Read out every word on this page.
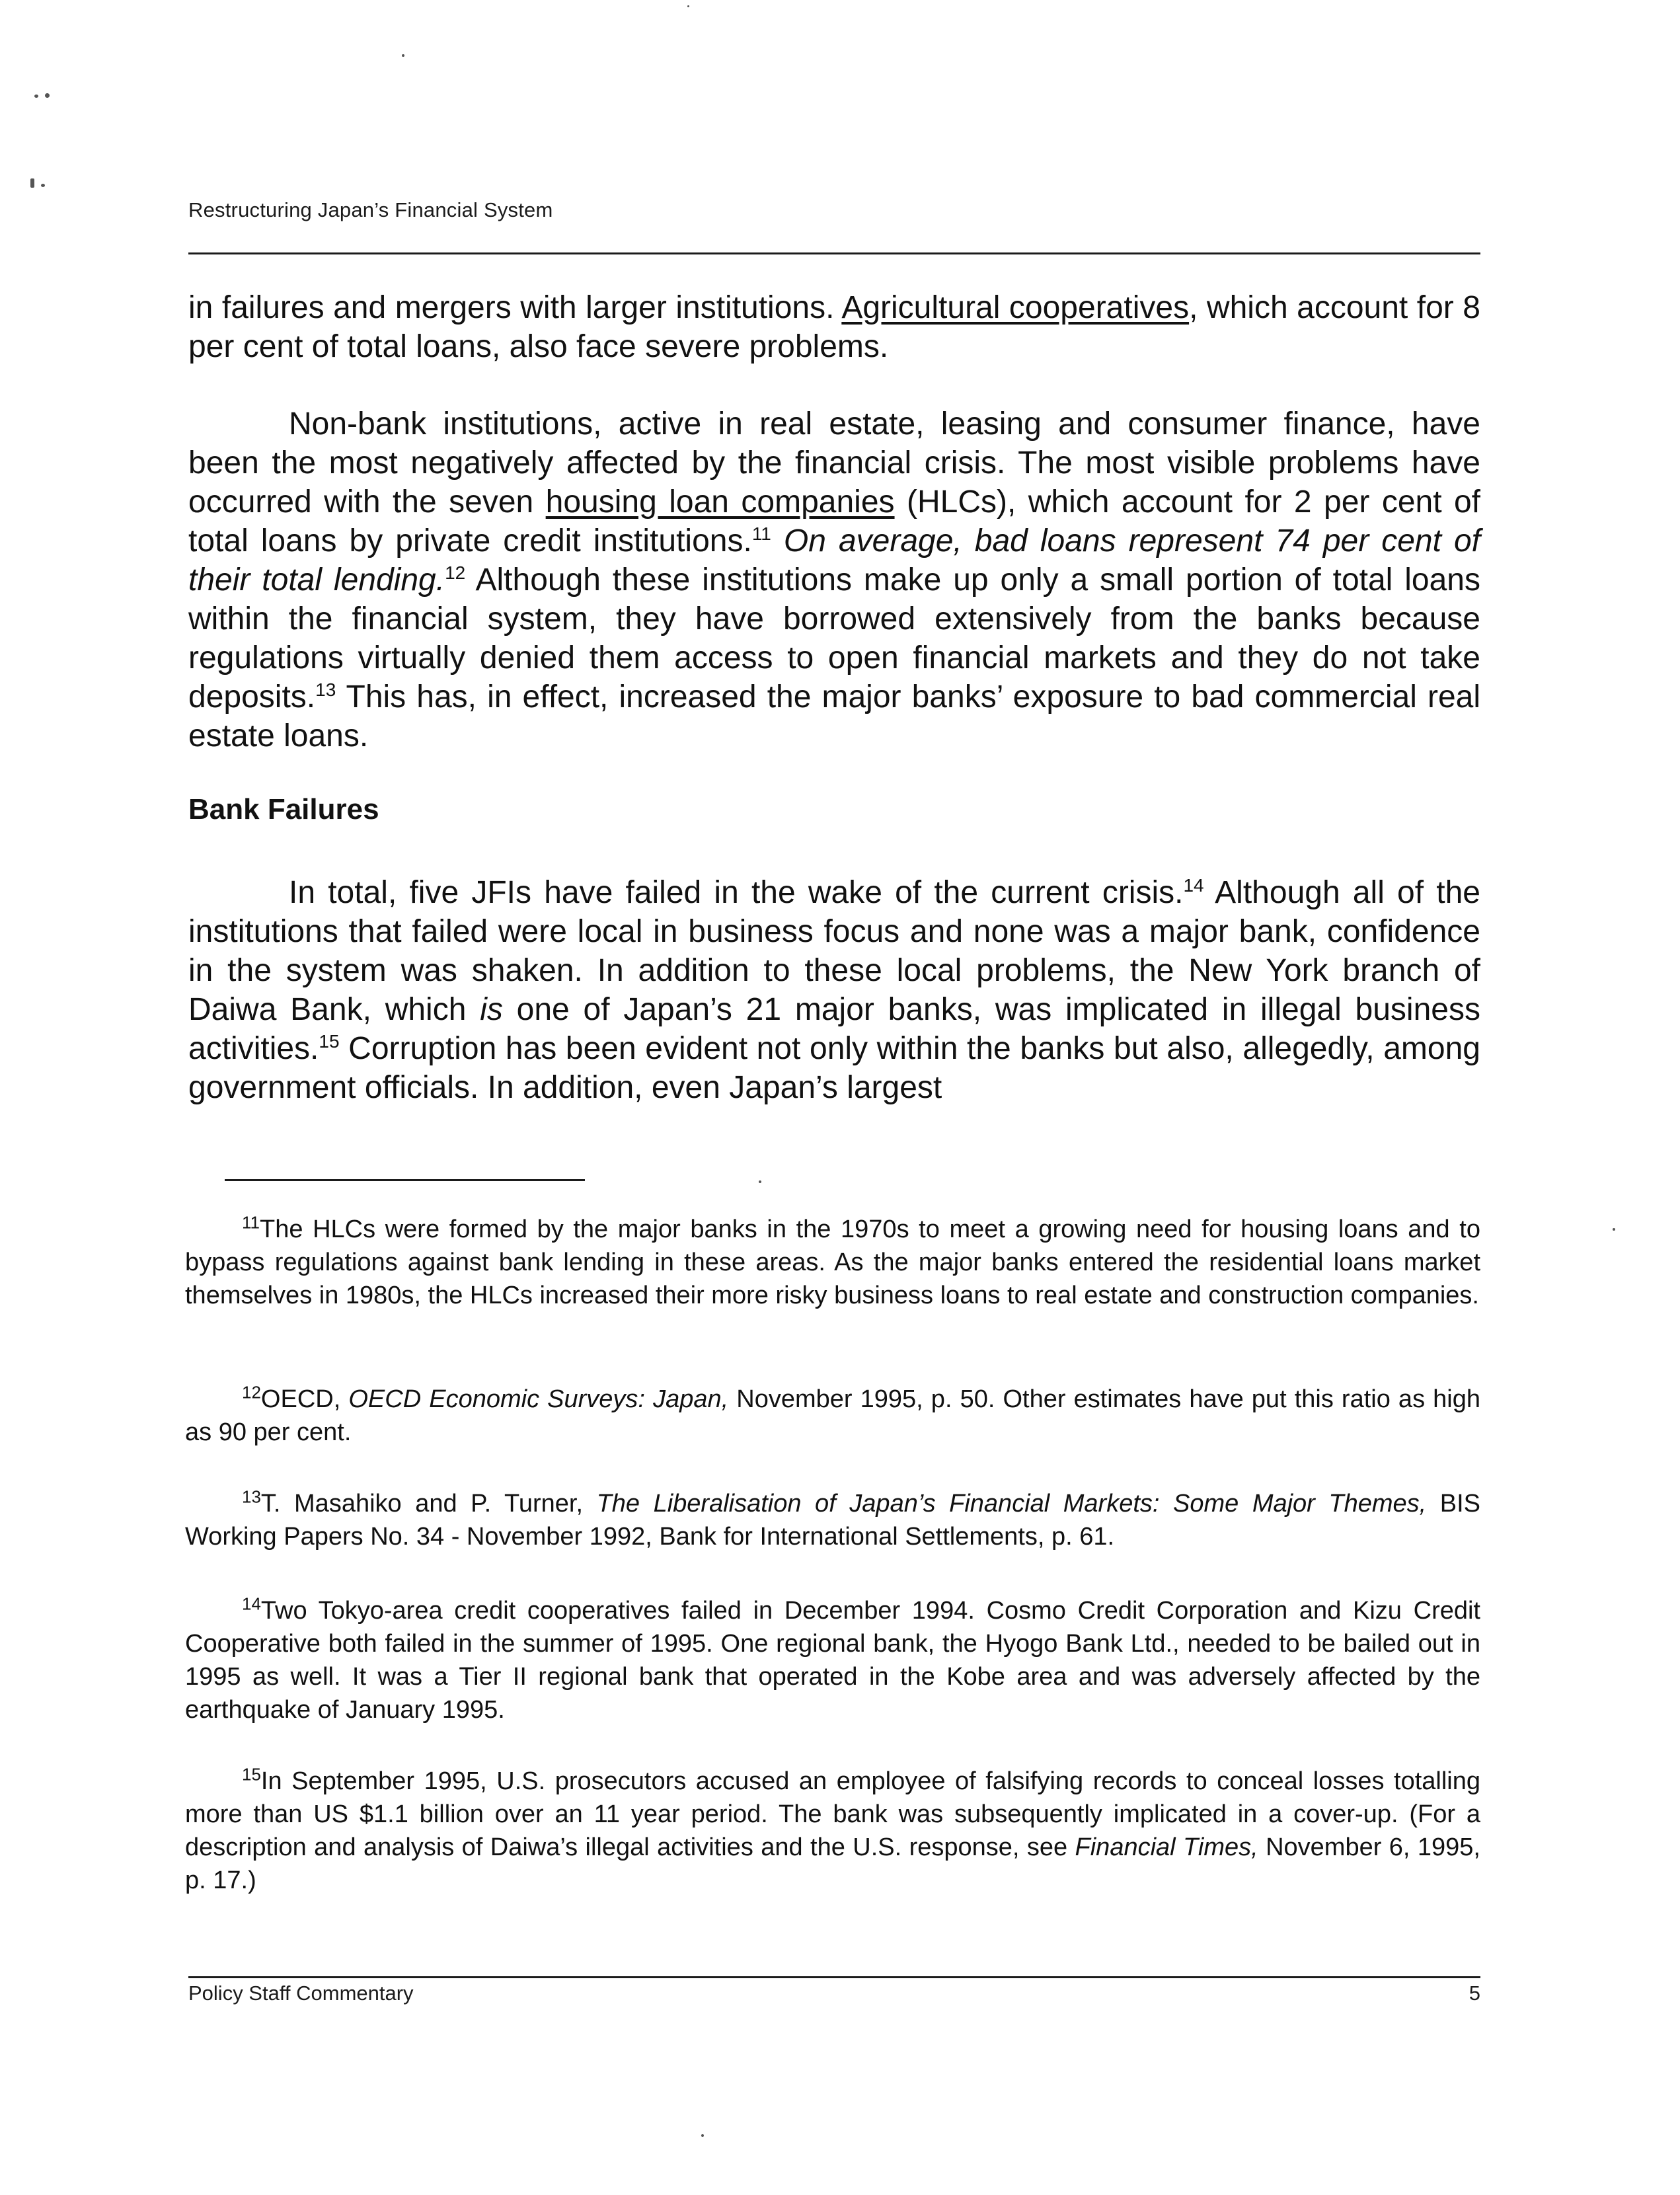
Restructuring Japan’s Financial System

in failures and mergers with larger institutions. Agricultural cooperatives, which account for 8 per cent of total loans, also face severe problems.

Non-bank institutions, active in real estate, leasing and consumer finance, have been the most negatively affected by the financial crisis. The most visible problems have occurred with the seven housing loan companies (HLCs), which account for 2 per cent of total loans by private credit institutions.$^{11}$ On average, bad loans represent 74 per cent of their total lending.$^{12}$ Although these institutions make up only a small portion of total loans within the financial system, they have borrowed extensively from the banks because regulations virtually denied them access to open financial markets and they do not take deposits.$^{13}$ This has, in effect, increased the major banks’ exposure to bad commercial real estate loans.

Bank Failures

In total, five JFIs have failed in the wake of the current crisis.$^{14}$ Although all of the institutions that failed were local in business focus and none was a major bank, confidence in the system was shaken. In addition to these local problems, the New York branch of Daiwa Bank, which is one of Japan’s 21 major banks, was implicated in illegal business activities.$^{15}$ Corruption has been evident not only within the banks but also, allegedly, among government officials. In addition, even Japan’s largest

$^{11}$The HLCs were formed by the major banks in the 1970s to meet a growing need for housing loans and to bypass regulations against bank lending in these areas. As the major banks entered the residential loans market themselves in 1980s, the HLCs increased their more risky business loans to real estate and construction companies.

$^{12}$OECD, OECD Economic Surveys: Japan, November 1995, p. 50. Other estimates have put this ratio as high as 90 per cent.

$^{13}$T. Masahiko and P. Turner, The Liberalisation of Japan’s Financial Markets: Some Major Themes, BIS Working Papers No. 34 - November 1992, Bank for International Settlements, p. 61.

$^{14}$Two Tokyo-area credit cooperatives failed in December 1994. Cosmo Credit Corporation and Kizu Credit Cooperative both failed in the summer of 1995. One regional bank, the Hyogo Bank Ltd., needed to be bailed out in 1995 as well. It was a Tier II regional bank that operated in the Kobe area and was adversely affected by the earthquake of January 1995.

$^{15}$In September 1995, U.S. prosecutors accused an employee of falsifying records to conceal losses totalling more than US $1.1 billion over an 11 year period. The bank was subsequently implicated in a cover-up. (For a description and analysis of Daiwa’s illegal activities and the U.S. response, see Financial Times, November 6, 1995, p. 17.)

Policy Staff Commentary	5
